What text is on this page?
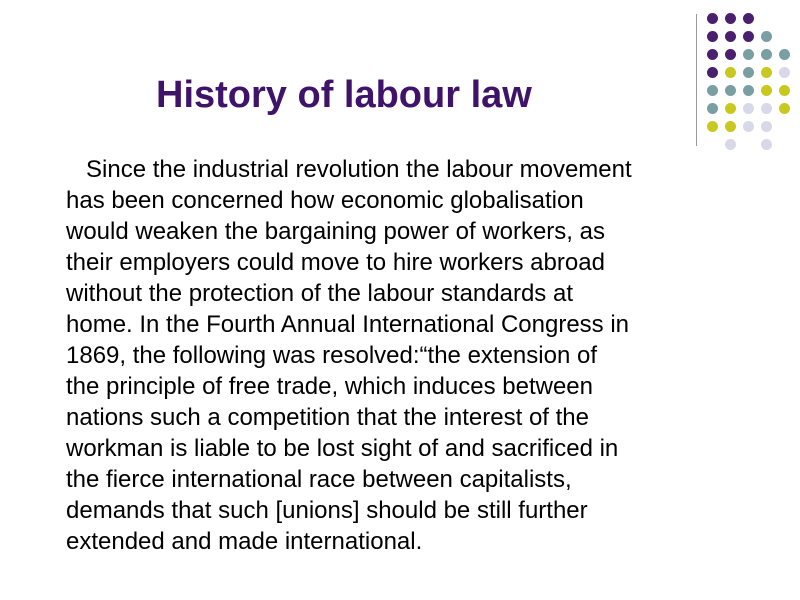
History of labour law
Since the industrial revolution the labour movement
has been concerned how economic globalisation
would weaken the bargaining power of workers, as
their employers could move to hire workers abroad
without the protection of the labour standards at
home. In the Fourth Annual International Congress in
1869, the following was resolved:“the extension of
the principle of free trade, which induces between
nations such a competition that the interest of the
workman is liable to be lost sight of and sacrificed in
the fierce international race between capitalists,
demands that such [unions] should be still further
extended and made international.
